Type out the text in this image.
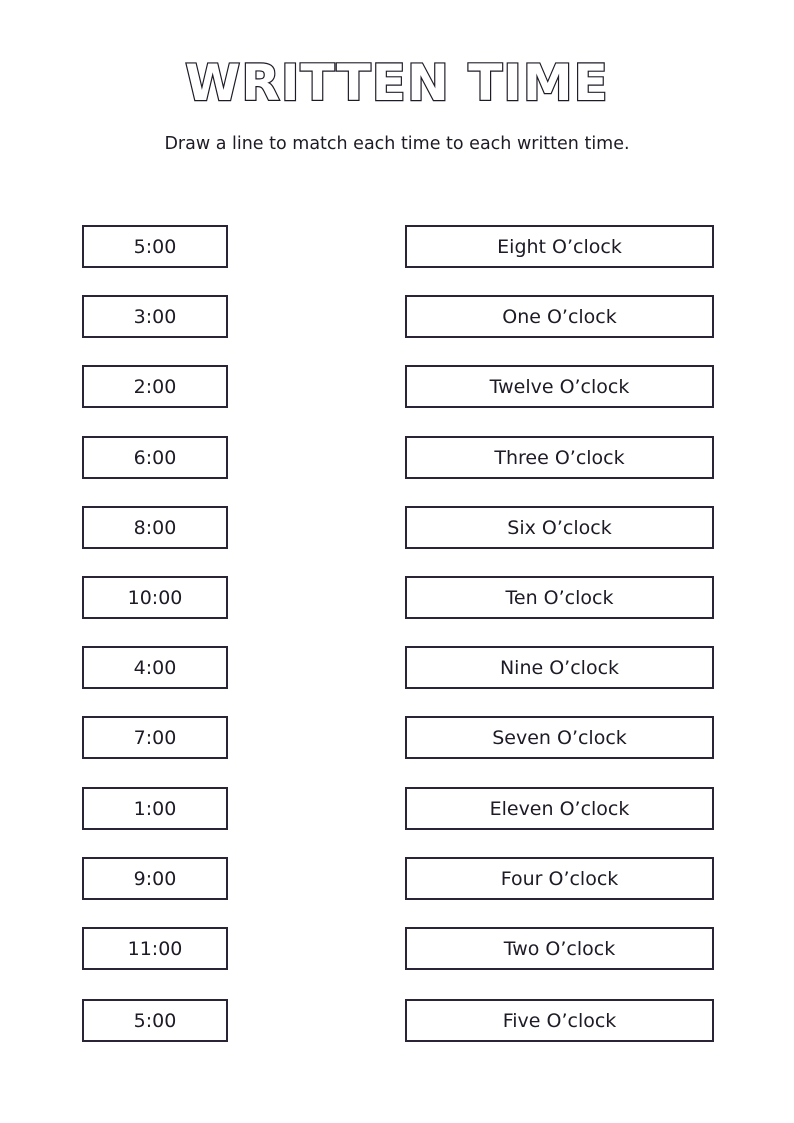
WRITTEN TIME
Draw a line to match each time to each written time.
5:00
3:00
2:00
6:00
8:00
10:00
4:00
7:00
1:00
9:00
11:00
5:00
Eight O’clock
One O’clock
Twelve O’clock
Three O’clock
Six O’clock
Ten O’clock
Nine O’clock
Seven O’clock
Eleven O’clock
Four O’clock
Two O’clock
Five O’clock
